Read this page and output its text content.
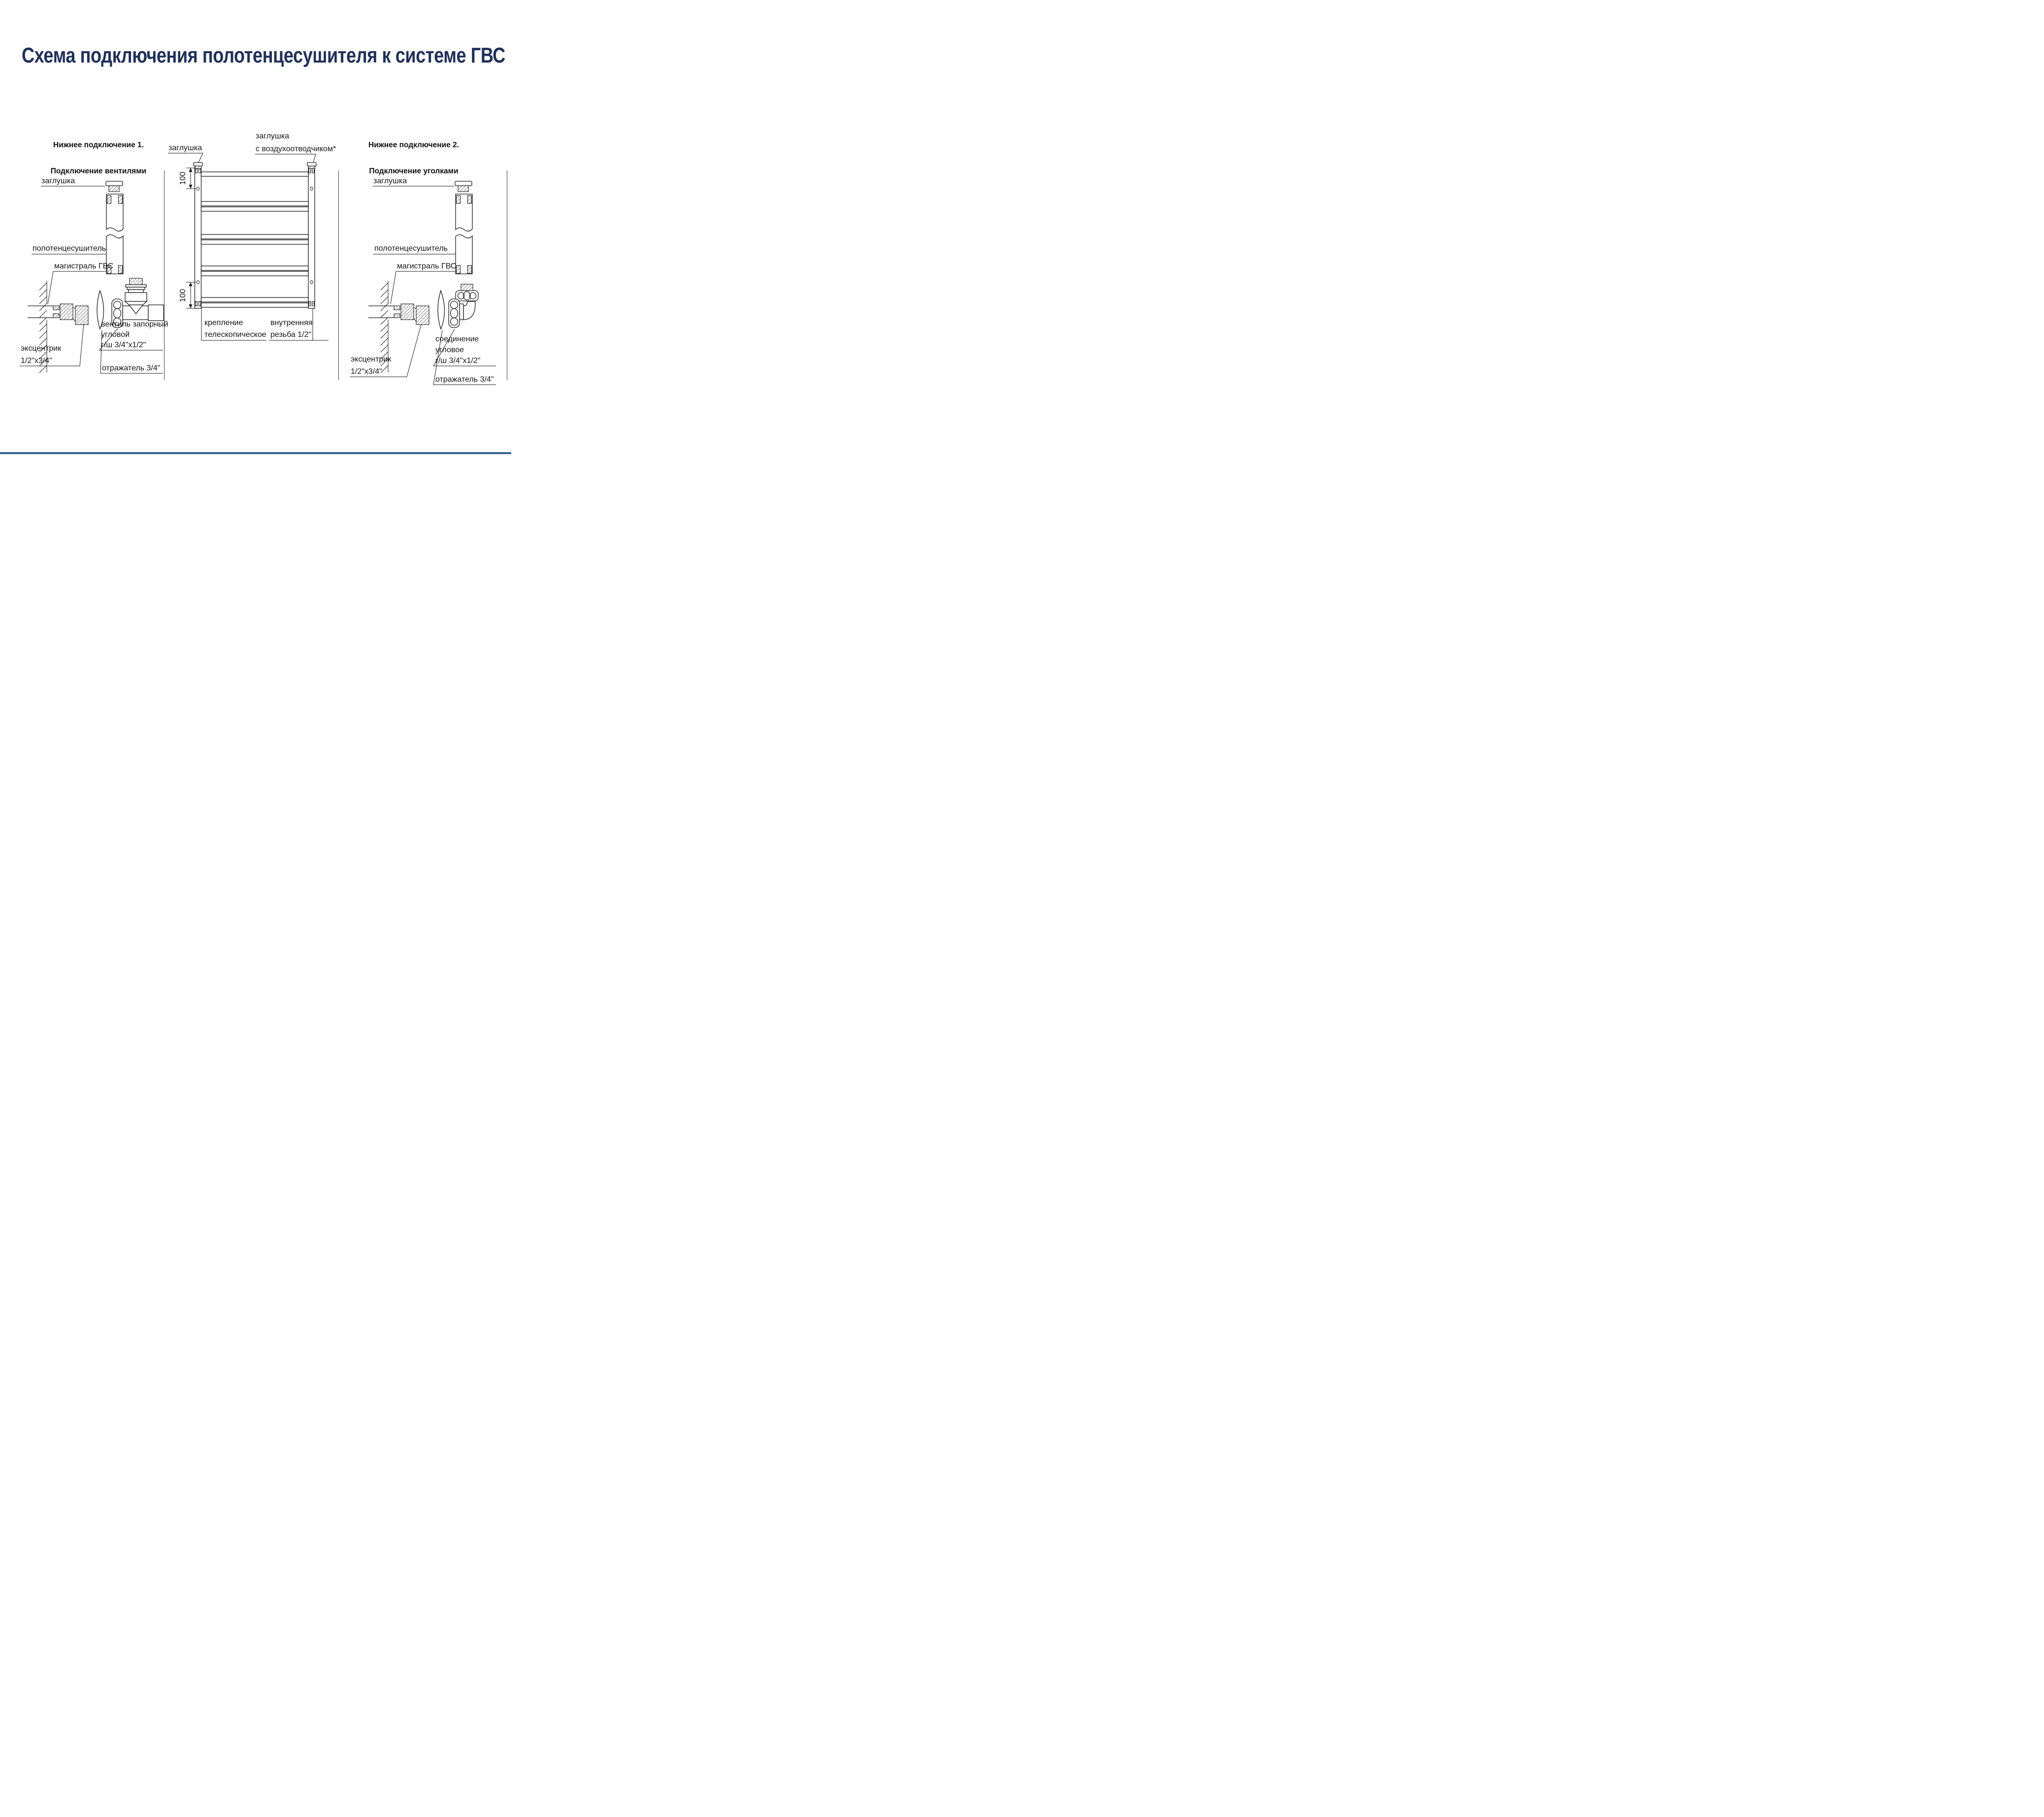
Схема подключения полотенцесушителя к системе ГВС
Нижнее подключение 1.
Подключение вентилями
Нижнее подключение 2.
Подключение уголками
заглушка
полотенцесушитель
магистраль ГВС
эксцентрик
1/2"x3/4"
вентиль запорный
угловой
г/ш 3/4"x1/2"
отражатель 3/4"
100
100
заглушка
заглушка
с воздухоотводчиком*
крепление
телескопическое
внутренняя
резьба 1/2"
заглушка
полотенцесушитель
магистраль ГВС
эксцентрик
1/2"x3/4"
соединение
угловое
г/ш 3/4"x1/2"
отражатель 3/4"
